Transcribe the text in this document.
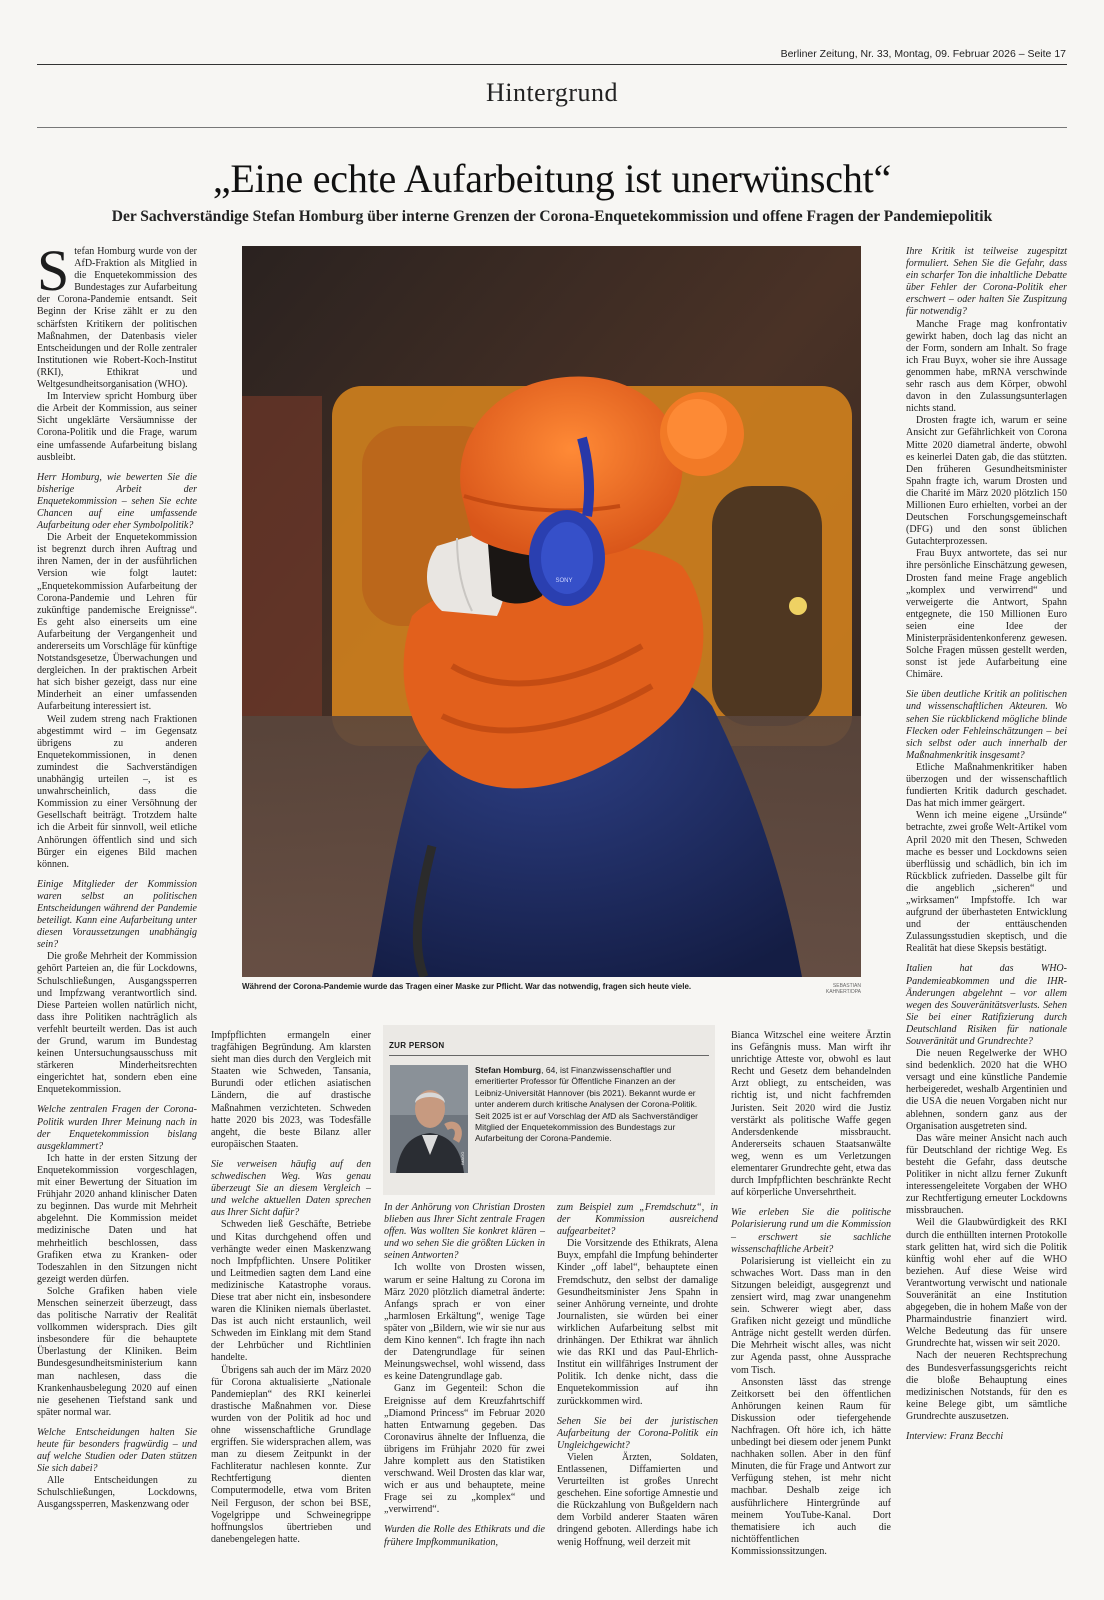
Berliner Zeitung, Nr. 33, Montag, 09. Februar 2026 – Seite 17
Hintergrund
„Eine echte Aufarbeitung ist unerwünscht“
Der Sachverständige Stefan Homburg über interne Grenzen der Corona-Enquetekommission und offene Fragen der Pandemiepolitik

Stefan Homburg wurde von der AfD-Fraktion als Mitglied in die Enquetekommission des Bundestages zur Aufarbeitung der Corona-Pandemie entsandt. Seit Beginn der Krise zählt er zu den schärfsten Kritikern der politischen Maßnahmen, der Datenbasis vieler Entscheidungen und der Rolle zentraler Institutionen wie Robert-Koch-Institut (RKI), Ethikrat und Weltgesundheitsorganisation (WHO).

Im Interview spricht Homburg über die Arbeit der Kommission, aus seiner Sicht ungeklärte Versäumnisse der Corona-Politik und die Frage, warum eine umfassende Aufarbeitung bislang ausbleibt.

Herr Homburg, wie bewerten Sie die bisherige Arbeit der Enquetekommission – sehen Sie echte Chancen auf eine umfassende Aufarbeitung oder eher Symbolpolitik?

Die Arbeit der Enquetekommission ist begrenzt durch ihren Auftrag und ihren Namen, der in der ausführlichen Version wie folgt lautet: „Enquetekommission Aufarbeitung der Corona-Pandemie und Lehren für zukünftige pandemische Ereignisse“. Es geht also einerseits um eine Aufarbeitung der Vergangenheit und andererseits um Vorschläge für künftige Notstandsgesetze, Überwachungen und dergleichen. In der praktischen Arbeit hat sich bisher gezeigt, dass nur eine Minderheit an einer umfassenden Aufarbeitung interessiert ist.

Weil zudem streng nach Fraktionen abgestimmt wird – im Gegensatz übrigens zu anderen Enquetekommissionen, in denen zumindest die Sachverständigen unabhängig urteilen –, ist es unwahrscheinlich, dass die Kommission zu einer Versöhnung der Gesellschaft beiträgt. Trotzdem halte ich die Arbeit für sinnvoll, weil etliche Anhörungen öffentlich sind und sich Bürger ein eigenes Bild machen können.

Einige Mitglieder der Kommission waren selbst an politischen Entscheidungen während der Pandemie beteiligt. Kann eine Aufarbeitung unter diesen Voraussetzungen unabhängig sein?

Die große Mehrheit der Kommission gehört Parteien an, die für Lockdowns, Schulschließungen, Ausgangssperren und Impfzwang verantwortlich sind. Diese Parteien wollen natürlich nicht, dass ihre Politiken nachträglich als verfehlt beurteilt werden. Das ist auch der Grund, warum im Bundestag keinen Untersuchungsausschuss mit stärkeren Minderheitsrechten eingerichtet hat, sondern eben eine Enquetekommission.

Welche zentralen Fragen der Corona-Politik wurden Ihrer Meinung nach in der Enquetekommission bislang ausgeklammert?

Ich hatte in der ersten Sitzung der Enquetekommission vorgeschlagen, mit einer Bewertung der Situation im Frühjahr 2020 anhand klinischer Daten zu beginnen. Das wurde mit Mehrheit abgelehnt. Die Kommission meidet medizinische Daten und hat mehrheitlich beschlossen, dass Grafiken etwa zu Kranken- oder Todeszahlen in den Sitzungen nicht gezeigt werden dürfen.

Solche Grafiken haben viele Menschen seinerzeit überzeugt, dass das politische Narrativ der Realität vollkommen widersprach. Dies gilt insbesondere für die behauptete Überlastung der Kliniken. Beim Bundesgesundheitsministerium kann man nachlesen, dass die Krankenhausbelegung 2020 auf einen nie gesehenen Tiefstand sank und später normal war.

Welche Entscheidungen halten Sie heute für besonders fragwürdig – und auf welche Studien oder Daten stützen Sie sich dabei?

Alle Entscheidungen zu Schulschließungen, Lockdowns, Ausgangssperren, Maskenzwang oder

SONY
Während der Corona-Pandemie wurde das Tragen einer Maske zur Pflicht. War das notwendig, fragen sich heute viele.	SEBASTIAN KAHNERT/DPA
ZUR PERSON
IMAGO
Stefan Homburg, 64, ist Finanzwissenschaftler und emeritierter Professor für Öffentliche Finanzen an der Leibniz-Universität Hannover (bis 2021). Bekannt wurde er unter anderem durch kritische Analysen der Corona-Politik. Seit 2025 ist er auf Vorschlag der AfD als Sachverständiger Mitglied der Enquetekommission des Bundestags zur Aufarbeitung der Corona-Pandemie.

Impfpflichten ermangeln einer tragfähigen Begründung. Am klarsten sieht man dies durch den Vergleich mit Staaten wie Schweden, Tansania, Burundi oder etlichen asiatischen Ländern, die auf drastische Maßnahmen verzichteten. Schweden hatte 2020 bis 2023, was Todesfälle angeht, die beste Bilanz aller europäischen Staaten.

Sie verweisen häufig auf den schwedischen Weg. Was genau überzeugt Sie an diesem Vergleich – und welche aktuellen Daten sprechen aus Ihrer Sicht dafür?

Schweden ließ Geschäfte, Betriebe und Kitas durchgehend offen und verhängte weder einen Maskenzwang noch Impfpflichten. Unsere Politiker und Leitmedien sagten dem Land eine medizinische Katastrophe voraus. Diese trat aber nicht ein, insbesondere waren die Kliniken niemals überlastet. Das ist auch nicht erstaunlich, weil Schweden im Einklang mit dem Stand der Lehrbücher und Richtlinien handelte.

Übrigens sah auch der im März 2020 für Corona aktualisierte „Nationale Pandemieplan“ des RKI keinerlei drastische Maßnahmen vor. Diese wurden von der Politik ad hoc und ohne wissenschaftliche Grundlage ergriffen. Sie widersprachen allem, was man zu diesem Zeitpunkt in der Fachliteratur nachlesen konnte. Zur Rechtfertigung dienten Computermodelle, etwa vom Briten Neil Ferguson, der schon bei BSE, Vogelgrippe und Schweinegrippe hoffnungslos übertrieben und danebengelegen hatte.

In der Anhörung von Christian Drosten blieben aus Ihrer Sicht zentrale Fragen offen. Was wollten Sie konkret klären – und wo sehen Sie die größten Lücken in seinen Antworten?

Ich wollte von Drosten wissen, warum er seine Haltung zu Corona im März 2020 plötzlich diametral änderte: Anfangs sprach er von einer „harmlosen Erkältung“, wenige Tage später von „Bildern, wie wir sie nur aus dem Kino kennen“. Ich fragte ihn nach der Datengrundlage für seinen Meinungswechsel, wohl wissend, dass es keine Datengrundlage gab.

Ganz im Gegenteil: Schon die Ereignisse auf dem Kreuzfahrtschiff „Diamond Princess“ im Februar 2020 hatten Entwarnung gegeben. Das Coronavirus ähnelte der Influenza, die übrigens im Frühjahr 2020 für zwei Jahre komplett aus den Statistiken verschwand. Weil Drosten das klar war, wich er aus und behauptete, meine Frage sei zu „komplex“ und „verwirrend“.

Wurden die Rolle des Ethikrats und die frühere Impfkommunikation,

zum Beispiel zum „Fremdschutz“, in der Kommission ausreichend aufgearbeitet?

Die Vorsitzende des Ethikrats, Alena Buyx, empfahl die Impfung behinderter Kinder „off label“, behauptete einen Fremdschutz, den selbst der damalige Gesundheitsminister Jens Spahn in seiner Anhörung verneinte, und drohte Journalisten, sie würden bei einer wirklichen Aufarbeitung selbst mit drinhängen. Der Ethikrat war ähnlich wie das RKI und das Paul-Ehrlich-Institut ein willfähriges Instrument der Politik. Ich denke nicht, dass die Enquetekommission auf ihn zurückkommen wird.

Sehen Sie bei der juristischen Aufarbeitung der Corona-Politik ein Ungleichgewicht?

Vielen Ärzten, Soldaten, Entlassenen, Diffamierten und Verurteilten ist großes Unrecht geschehen. Eine sofortige Amnestie und die Rückzahlung von Bußgeldern nach dem Vorbild anderer Staaten wären dringend geboten. Allerdings habe ich wenig Hoffnung, weil derzeit mit

Bianca Witzschel eine weitere Ärztin ins Gefängnis muss. Man wirft ihr unrichtige Atteste vor, obwohl es laut Recht und Gesetz dem behandelnden Arzt obliegt, zu entscheiden, was richtig ist, und nicht fachfremden Juristen. Seit 2020 wird die Justiz verstärkt als politische Waffe gegen Andersdenkende missbraucht. Andererseits schauen Staatsanwälte weg, wenn es um Verletzungen elementarer Grundrechte geht, etwa das durch Impfpflichten beschränkte Recht auf körperliche Unversehrtheit.

Wie erleben Sie die politische Polarisierung rund um die Kommission – erschwert sie sachliche wissenschaftliche Arbeit?

Polarisierung ist vielleicht ein zu schwaches Wort. Dass man in den Sitzungen beleidigt, ausgegrenzt und zensiert wird, mag zwar unangenehm sein. Schwerer wiegt aber, dass Grafiken nicht gezeigt und mündliche Anträge nicht gestellt werden dürfen. Die Mehrheit wischt alles, was nicht zur Agenda passt, ohne Aussprache vom Tisch.

Ansonsten lässt das strenge Zeitkorsett bei den öffentlichen Anhörungen keinen Raum für Diskussion oder tiefergehende Nachfragen. Oft höre ich, ich hätte unbedingt bei diesem oder jenem Punkt nachhaken sollen. Aber in den fünf Minuten, die für Frage und Antwort zur Verfügung stehen, ist mehr nicht machbar. Deshalb zeige ich ausführlichere Hintergründe auf meinem YouTube-Kanal. Dort thematisiere ich auch die nichtöffentlichen Kommissionssitzungen.

Ihre Kritik ist teilweise zugespitzt formuliert. Sehen Sie die Gefahr, dass ein scharfer Ton die inhaltliche Debatte über Fehler der Corona-Politik eher erschwert – oder halten Sie Zuspitzung für notwendig?

Manche Frage mag konfrontativ gewirkt haben, doch lag das nicht an der Form, sondern am Inhalt. So frage ich Frau Buyx, woher sie ihre Aussage genommen habe, mRNA verschwinde sehr rasch aus dem Körper, obwohl davon in den Zulassungsunterlagen nichts stand.

Drosten fragte ich, warum er seine Ansicht zur Gefährlichkeit von Corona Mitte 2020 diametral änderte, obwohl es keinerlei Daten gab, die das stützten. Den früheren Gesundheitsminister Spahn fragte ich, warum Drosten und die Charité im März 2020 plötzlich 150 Millionen Euro erhielten, vorbei an der Deutschen Forschungsgemeinschaft (DFG) und den sonst üblichen Gutachterprozessen.

Frau Buyx antwortete, das sei nur ihre persönliche Einschätzung gewesen, Drosten fand meine Frage angeblich „komplex und verwirrend“ und verweigerte die Antwort, Spahn entgegnete, die 150 Millionen Euro seien eine Idee der Ministerpräsidentenkonferenz gewesen. Solche Fragen müssen gestellt werden, sonst ist jede Aufarbeitung eine Chimäre.

Sie üben deutliche Kritik an politischen und wissenschaftlichen Akteuren. Wo sehen Sie rückblickend mögliche blinde Flecken oder Fehleinschätzungen – bei sich selbst oder auch innerhalb der Maßnahmenkritik insgesamt?

Etliche Maßnahmenkritiker haben überzogen und der wissenschaftlich fundierten Kritik dadurch geschadet. Das hat mich immer geärgert.

Wenn ich meine eigene „Ursünde“ betrachte, zwei große Welt-Artikel vom April 2020 mit den Thesen, Schweden mache es besser und Lockdowns seien überflüssig und schädlich, bin ich im Rückblick zufrieden. Dasselbe gilt für die angeblich „sicheren“ und „wirksamen“ Impfstoffe. Ich war aufgrund der überhasteten Entwicklung und der enttäuschenden Zulassungsstudien skeptisch, und die Realität hat diese Skepsis bestätigt.

Italien hat das WHO-Pandemieabkommen und die IHR-Änderungen abgelehnt – vor allem wegen des Souveränitätsverlusts. Sehen Sie bei einer Ratifizierung durch Deutschland Risiken für nationale Souveränität und Grundrechte?

Die neuen Regelwerke der WHO sind bedenklich. 2020 hat die WHO versagt und eine künstliche Pandemie herbeigeredet, weshalb Argentinien und die USA die neuen Vorgaben nicht nur ablehnen, sondern ganz aus der Organisation ausgetreten sind.

Das wäre meiner Ansicht nach auch für Deutschland der richtige Weg. Es besteht die Gefahr, dass deutsche Politiker in nicht allzu ferner Zukunft interessengeleitete Vorgaben der WHO zur Rechtfertigung erneuter Lockdowns missbrauchen.

Weil die Glaubwürdigkeit des RKI durch die enthüllten internen Protokolle stark gelitten hat, wird sich die Politik künftig wohl eher auf die WHO beziehen. Auf diese Weise wird Verantwortung verwischt und nationale Souveränität an eine Institution abgegeben, die in hohem Maße von der Pharmaindustrie finanziert wird. Welche Bedeutung das für unsere Grundrechte hat, wissen wir seit 2020.

Nach der neueren Rechtsprechung des Bundesverfassungsgerichts reicht die bloße Behauptung eines medizinischen Notstands, für den es keine Belege gibt, um sämtliche Grundrechte auszusetzen.

Interview: Franz Becchi
